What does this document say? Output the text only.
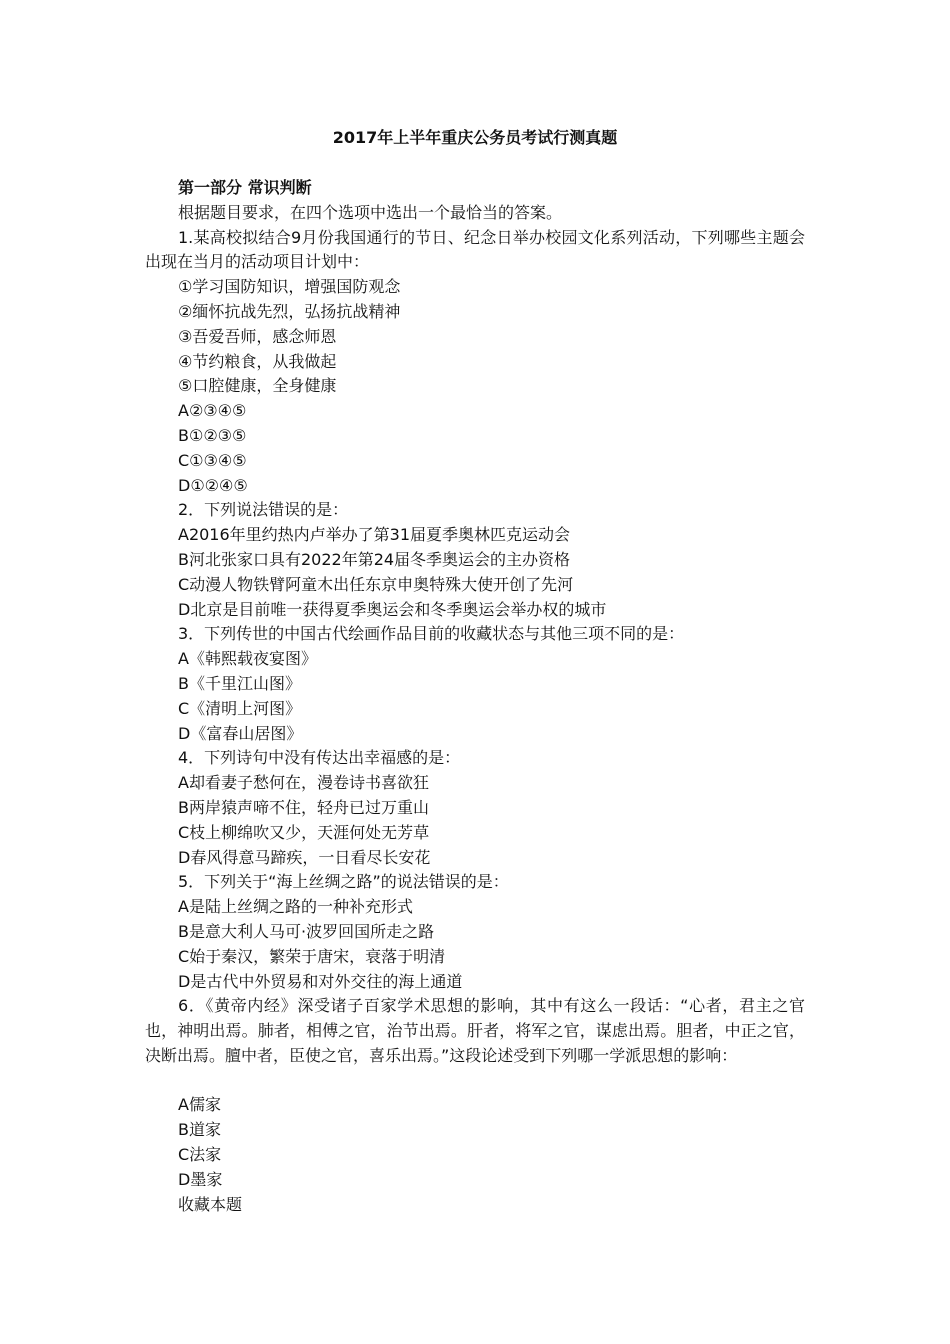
2017年上半年重庆公务员考试行测真题
第一部分 常识判断
根据题目要求，在四个选项中选出一个最恰当的答案。
1.某高校拟结合9月份我国通行的节日、纪念日举办校园文化系列活动，下列哪些主题会出现在当月的活动项目计划中：
①学习国防知识，增强国防观念
②缅怀抗战先烈，弘扬抗战精神
③吾爱吾师，感念师恩
④节约粮食，从我做起
⑤口腔健康，全身健康
A②③④⑤
B①②③⑤
C①③④⑤
D①②④⑤
2．下列说法错误的是：
A2016年里约热内卢举办了第31届夏季奥林匹克运动会
B河北张家口具有2022年第24届冬季奥运会的主办资格
C动漫人物铁臂阿童木出任东京申奥特殊大使开创了先河
D北京是目前唯一获得夏季奥运会和冬季奥运会举办权的城市
3．下列传世的中国古代绘画作品目前的收藏状态与其他三项不同的是：
A《韩熙载夜宴图》
B《千里江山图》
C《清明上河图》
D《富春山居图》
4．下列诗句中没有传达出幸福感的是：
A却看妻子愁何在，漫卷诗书喜欲狂
B两岸猿声啼不住，轻舟已过万重山
C枝上柳绵吹又少，天涯何处无芳草
D春风得意马蹄疾，一日看尽长安花
5．下列关于“海上丝绸之路”的说法错误的是：
A是陆上丝绸之路的一种补充形式
B是意大利人马可·波罗回国所走之路
C始于秦汉，繁荣于唐宋，衰落于明清
D是古代中外贸易和对外交往的海上通道
6．《黄帝内经》深受诸子百家学术思想的影响，其中有这么一段话：“心者，君主之官也，神明出焉。肺者，相傅之官，治节出焉。肝者，将军之官，谋虑出焉。胆者，中正之官，决断出焉。膻中者，臣使之官，喜乐出焉。”这段论述受到下列哪一学派思想的影响：
A儒家
B道家
C法家
D墨家
收藏本题
